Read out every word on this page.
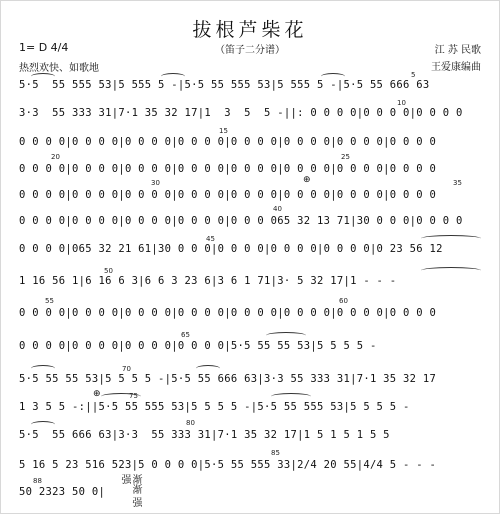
拔根芦柴花
（笛子二分谱）
1= D 4/4
热烈欢快、如歌地
江 苏 民歌
王爱康编曲
5·5  55 555 53|5 555 5 -|5·5 55 555 53|5 555 5 -|5·5 55 666 63
3·3  55 333 31|7·1 35 32 17|1  3  5  5 -||: 0 0 0 0|0 0 0 0|0 0 0 0
0 0 0 0|0 0 0 0|0 0 0 0|0 0 0 0|0 0 0 0|0 0 0 0|0 0 0 0|0 0 0 0
0 0 0 0|0 0 0 0|0 0 0 0|0 0 0 0|0 0 0 0|0 0 0 0|0 0 0 0|0 0 0 0
0 0 0 0|0 0 0 0|0 0 0 0|0 0 0 0|0 0 0 0|0 0 0 0|0 0 0 0|0 0 0 0
0 0 0 0|0 0 0 0|0 0 0 0|0 0 0 0|0 0 0 065 32 13 71|30 0 0 0|0 0 0 0
0 0 0 0|065 32 21 61|30 0 0 0|0 0 0 0|0 0 0 0|0 0 0 0|0 23 56 12
1 16 56 1|6 16 6 3|6 6 3 23 6|3 6 1 71|3· 5 32 17|1 - - -
0 0 0 0|0 0 0 0|0 0 0 0|0 0 0 0|0 0 0 0|0 0 0 0|0 0 0 0|0 0 0 0
0 0 0 0|0 0 0 0|0 0 0 0|0 0 0 0|5·5 55 55 53|5 5 5 5 -
5·5 55 55 53|5 5 5 5 -|5·5 55 666 63|3·3 55 333 31|7·1 35 32 17
1 3 5 5 -:||5·5 55 555 53|5 5 5 5 -|5·5 55 555 53|5 5 5 5 -
5·5  55 666 63|3·3  55 333 31|7·1 35 32 17|1 5 1 5 1 5 5
5 16 5 23 516 523|5 0 0 0 0|5·5 55 555 33|2/4 20 55|4/4 5 - - -
50 2323 50 0|
5
10
15
20	25
30	35
40
45
50
55	60
65
70
75
80
85
88
⊕
⊕
渐渐 强强
